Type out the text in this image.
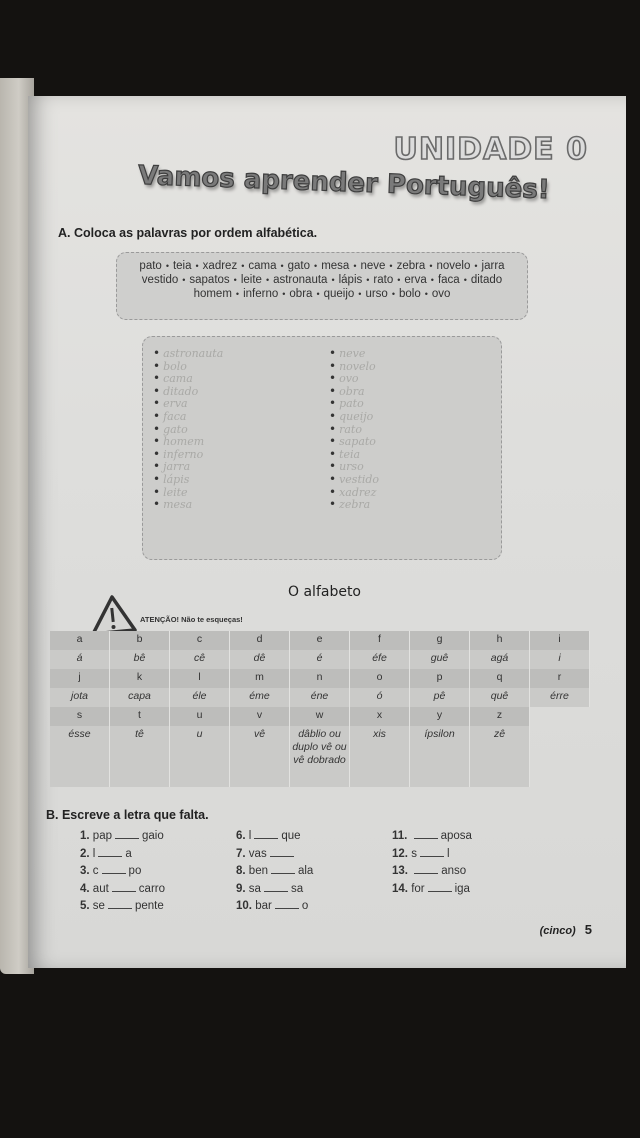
UNIDADE 0
Vamos aprender Português!
A. Coloca as palavras por ordem alfabética.
pato • teia • xadrez • cama • gato • mesa • neve • zebra • novelo • jarra
vestido • sapatos • leite • astronauta • lápis • rato • erva • faca • ditado
homem • inferno • obra • queijo • urso • bolo • ovo
• astronauta
• bolo
• cama
• ditado
• erva
• faca
• gato
• homem
• inferno
• jarra
• lápis
• leite
• mesa
• neve
• novelo
• ovo
• obra
• pato
• queijo
• rato
• sapato
• teia
• urso
• vestido
• xadrez
• zebra
O alfabeto
ATENÇÃO! Não te esqueças!
a	b	c	d	e	f	g	h	i
á	bê	cê	dê	é	éfe	guê	agá	i
j	k	l	m	n	o	p	q	r
jota	capa	éle	éme	éne	ó	pê	quê	érre
s	t	u	v	w	x	y	z	
ésse	tê	u	vê	dâblio ou duplo vê ou vê dobrado	xis	ípsilon	zê	
B. Escreve a letra que falta.
1. pap	gaio
2. l	a
3. c	po
4. aut	carro
5. se	pente
6. l	que
7. vas
8. ben	ala
9. sa	sa
10. bar	o
11.	aposa
12. s	l
13.	anso
14. for	iga
(cinco) 5
